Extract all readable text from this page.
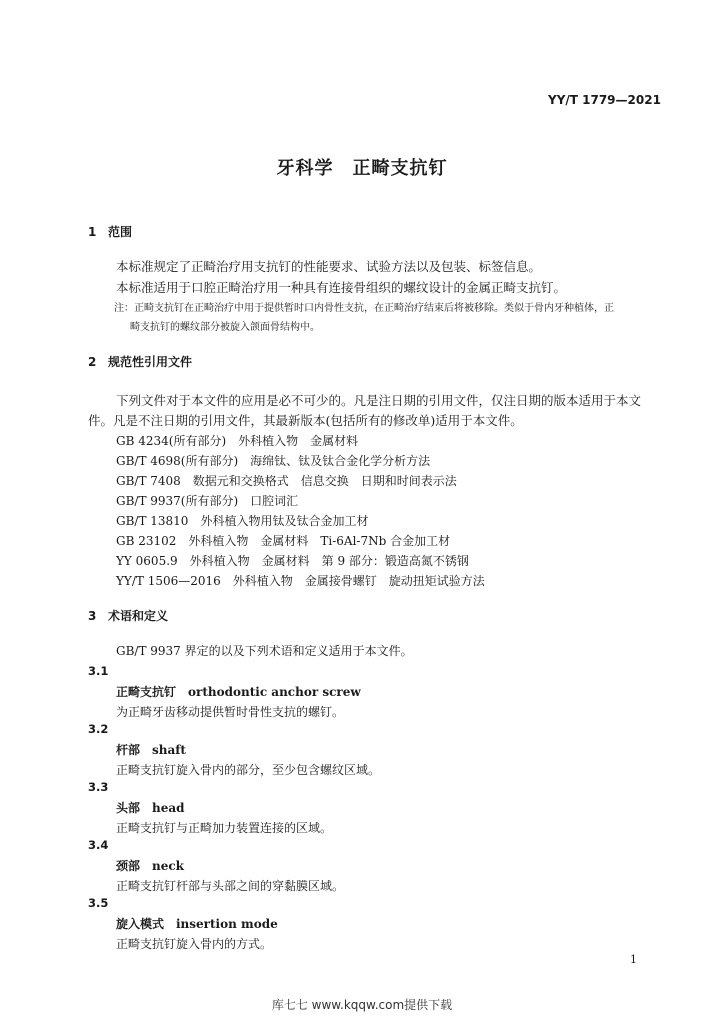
YY/T 1779—2021
牙科学　正畸支抗钉
1 范围
本标准规定了正畸治疗用支抗钉的性能要求、试验方法以及包装、标签信息。
本标准适用于口腔正畸治疗用一种具有连接骨组织的螺纹设计的金属正畸支抗钉。
注：正畸支抗钉在正畸治疗中用于提供暂时口内骨性支抗，在正畸治疗结束后将被移除。类似于骨内牙种植体，正
畸支抗钉的螺纹部分被旋入颌面骨结构中。
2 规范性引用文件
下列文件对于本文件的应用是必不可少的。凡是注日期的引用文件，仅注日期的版本适用于本文
件。凡是不注日期的引用文件，其最新版本(包括所有的修改单)适用于本文件。
GB 4234(所有部分)　外科植入物　金属材料
GB/T 4698(所有部分)　海绵钛、钛及钛合金化学分析方法
GB/T 7408　数据元和交换格式　信息交换　日期和时间表示法
GB/T 9937(所有部分)　口腔词汇
GB/T 13810　外科植入物用钛及钛合金加工材
GB 23102　外科植入物　金属材料　Ti-6Al-7Nb 合金加工材
YY 0605.9　外科植入物　金属材料　第 9 部分：锻造高氮不锈钢
YY/T 1506—2016　外科植入物　金属接骨螺钉　旋动扭矩试验方法
3 术语和定义
GB/T 9937 界定的以及下列术语和定义适用于本文件。
3.1
正畸支抗钉　orthodontic anchor screw
为正畸牙齿移动提供暂时骨性支抗的螺钉。
3.2
杆部　shaft
正畸支抗钉旋入骨内的部分，至少包含螺纹区域。
3.3
头部　head
正畸支抗钉与正畸加力装置连接的区域。
3.4
颈部　neck
正畸支抗钉杆部与头部之间的穿黏膜区域。
3.5
旋入模式　insertion mode
正畸支抗钉旋入骨内的方式。
1
库七七 www.kqqw.com提供下载
